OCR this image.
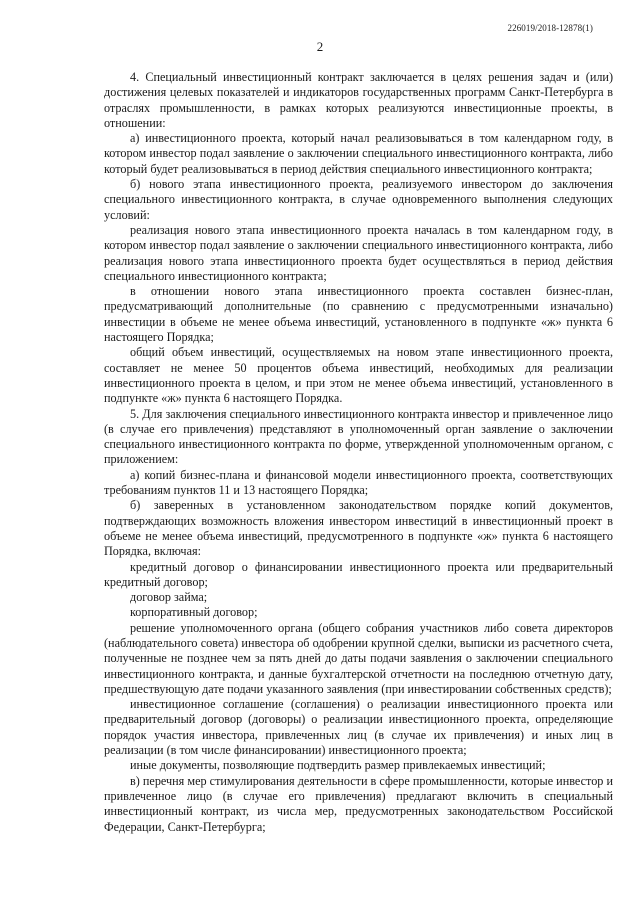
226019/2018-12878(1)
2

4. Специальный инвестиционный контракт заключается в целях решения задач и (или) достижения целевых показателей и индикаторов государственных программ Санкт-Петербурга в отраслях промышленности, в рамках которых реализуются инвестиционные проекты, в отношении:

а) инвестиционного проекта, который начал реализовываться в том календарном году, в котором инвестор подал заявление о заключении специального инвестиционного контракта, либо который будет реализовываться в период действия специального инвестиционного контракта;

б) нового этапа инвестиционного проекта, реализуемого инвестором до заключения специального инвестиционного контракта, в случае одновременного выполнения следующих условий:

реализация нового этапа инвестиционного проекта началась в том календарном году, в котором инвестор подал заявление о заключении специального инвестиционного контракта, либо реализация нового этапа инвестиционного проекта будет осуществляться в период действия специального инвестиционного контракта;

в отношении нового этапа инвестиционного проекта составлен бизнес-план, предусматривающий дополнительные (по сравнению с предусмотренными изначально) инвестиции в объеме не менее объема инвестиций, установленного в подпункте «ж» пункта 6 настоящего Порядка;

общий объем инвестиций, осуществляемых на новом этапе инвестиционного проекта, составляет не менее 50 процентов объема инвестиций, необходимых для реализации инвестиционного проекта в целом, и при этом не менее объема инвестиций, установленного в подпункте «ж» пункта 6 настоящего Порядка.

5. Для заключения специального инвестиционного контракта инвестор и привлеченное лицо (в случае его привлечения) представляют в уполномоченный орган заявление о заключении специального инвестиционного контракта по форме, утвержденной уполномоченным органом, с приложением:

а) копий бизнес-плана и финансовой модели инвестиционного проекта, соответствующих требованиям пунктов 11 и 13 настоящего Порядка;

б) заверенных в установленном законодательством порядке копий документов, подтверждающих возможность вложения инвестором инвестиций в инвестиционный проект в объеме не менее объема инвестиций, предусмотренного в подпункте «ж» пункта 6 настоящего Порядка, включая:

кредитный договор о финансировании инвестиционного проекта или предварительный кредитный договор;

договор займа;

корпоративный договор;

решение уполномоченного органа (общего собрания участников либо совета директоров (наблюдательного совета) инвестора об одобрении крупной сделки, выписки из расчетного счета, полученные не позднее чем за пять дней до даты подачи заявления о заключении специального инвестиционного контракта, и данные бухгалтерской отчетности на последнюю отчетную дату, предшествующую дате подачи указанного заявления (при инвестировании собственных средств);

инвестиционное соглашение (соглашения) о реализации инвестиционного проекта или предварительный договор (договоры) о реализации инвестиционного проекта, определяющие порядок участия инвестора, привлеченных лиц (в случае их привлечения) и иных лиц в реализации (в том числе финансировании) инвестиционного проекта;

иные документы, позволяющие подтвердить размер привлекаемых инвестиций;

в) перечня мер стимулирования деятельности в сфере промышленности, которые инвестор и привлеченное лицо (в случае его привлечения) предлагают включить в специальный инвестиционный контракт, из числа мер, предусмотренных законодательством Российской Федерации, Санкт-Петербурга;
